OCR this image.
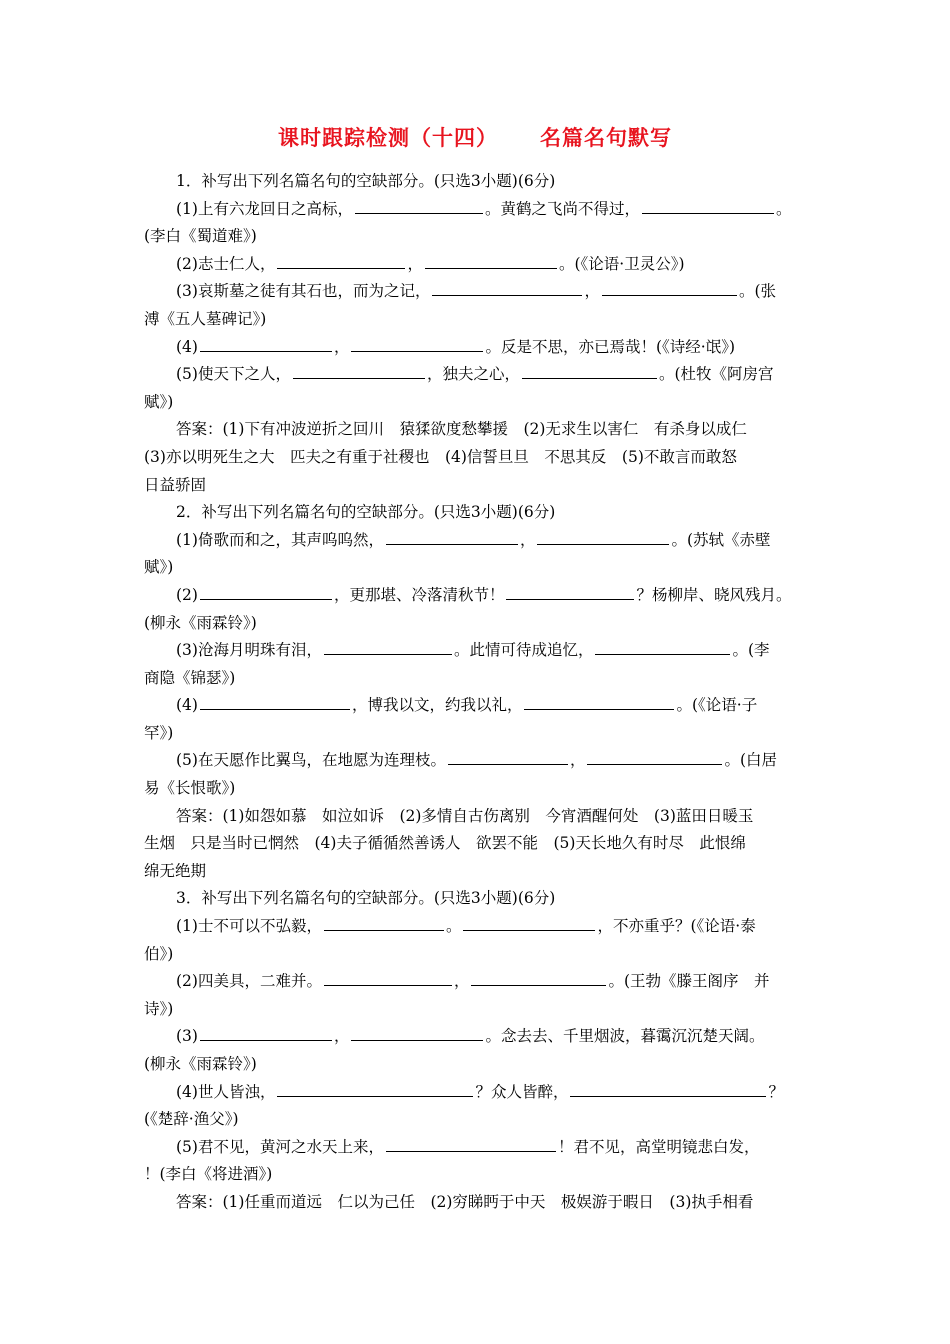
课时跟踪检测（十四） 名篇名句默写
1．补写出下列名篇名句的空缺部分。(只选3小题)(6分)
(1)上有六龙回日之高标，	。黄鹤之飞尚不得过，	。
(李白《蜀道难》)
(2)志士仁人，	，	。(《论语·卫灵公》)
(3)哀斯墓之徒有其石也，而为之记，	，	。(张
溥《五人墓碑记》)
(4)	，	。反是不思，亦已焉哉！(《诗经·氓》)
(5)使天下之人，	，独夫之心，	。(杜牧《阿房宫
赋》)
答案：(1)下有冲波逆折之回川　猿猱欲度愁攀援　(2)无求生以害仁　有杀身以成仁
(3)亦以明死生之大　匹夫之有重于社稷也　(4)信誓旦旦　不思其反　(5)不敢言而敢怒
日益骄固
2．补写出下列名篇名句的空缺部分。(只选3小题)(6分)
(1)倚歌而和之，其声呜呜然，	，	。(苏轼《赤壁
赋》)
(2)	，更那堪、冷落清秋节！	？杨柳岸、晓风残月。
(柳永《雨霖铃》)
(3)沧海月明珠有泪，	。此情可待成追忆，	。(李
商隐《锦瑟》)
(4)	，博我以文，约我以礼，	。(《论语·子
罕》)
(5)在天愿作比翼鸟，在地愿为连理枝。	，	。(白居
易《长恨歌》)
答案：(1)如怨如慕　如泣如诉　(2)多情自古伤离别　今宵酒醒何处　(3)蓝田日暖玉
生烟　只是当时已惘然　(4)夫子循循然善诱人　欲罢不能　(5)天长地久有时尽　此恨绵
绵无绝期
3．补写出下列名篇名句的空缺部分。(只选3小题)(6分)
(1)士不可以不弘毅，	。	，不亦重乎？(《论语·泰
伯》)
(2)四美具，二难并。	，	。(王勃《滕王阁序　并
诗》)
(3)	，	。念去去、千里烟波，暮霭沉沉楚天阔。
(柳永《雨霖铃》)
(4)世人皆浊，	？众人皆醉，	？
(《楚辞·渔父》)
(5)君不见，黄河之水天上来，	！君不见，高堂明镜悲白发，
！(李白《将进酒》)
答案：(1)任重而道远　仁以为己任　(2)穷睇眄于中天　极娱游于暇日　(3)执手相看
